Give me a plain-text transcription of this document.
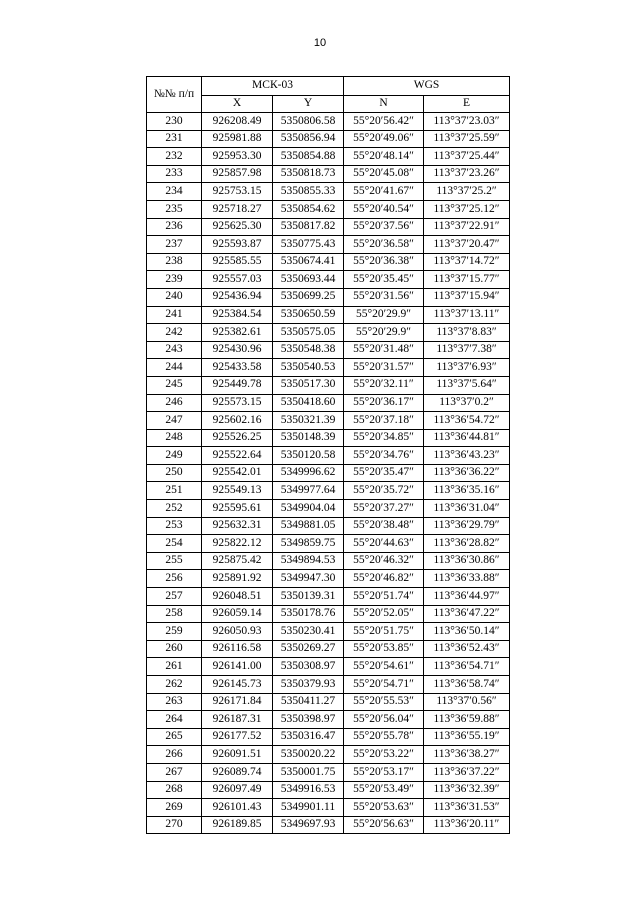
10
№№ п/п	МСК-03		WGS	
	X	Y	N	E
230	926208.49	5350806.58	55°20′56.42″	113°37′23.03″
231	925981.88	5350856.94	55°20′49.06″	113°37′25.59″
232	925953.30	5350854.88	55°20′48.14″	113°37′25.44″
233	925857.98	5350818.73	55°20′45.08″	113°37′23.26″
234	925753.15	5350855.33	55°20′41.67″	113°37′25.2″
235	925718.27	5350854.62	55°20′40.54″	113°37′25.12″
236	925625.30	5350817.82	55°20′37.56″	113°37′22.91″
237	925593.87	5350775.43	55°20′36.58″	113°37′20.47″
238	925585.55	5350674.41	55°20′36.38″	113°37′14.72″
239	925557.03	5350693.44	55°20′35.45″	113°37′15.77″
240	925436.94	5350699.25	55°20′31.56″	113°37′15.94″
241	925384.54	5350650.59	55°20′29.9″	113°37′13.11″
242	925382.61	5350575.05	55°20′29.9″	113°37′8.83″
243	925430.96	5350548.38	55°20′31.48″	113°37′7.38″
244	925433.58	5350540.53	55°20′31.57″	113°37′6.93″
245	925449.78	5350517.30	55°20′32.11″	113°37′5.64″
246	925573.15	5350418.60	55°20′36.17″	113°37′0.2″
247	925602.16	5350321.39	55°20′37.18″	113°36′54.72″
248	925526.25	5350148.39	55°20′34.85″	113°36′44.81″
249	925522.64	5350120.58	55°20′34.76″	113°36′43.23″
250	925542.01	5349996.62	55°20′35.47″	113°36′36.22″
251	925549.13	5349977.64	55°20′35.72″	113°36′35.16″
252	925595.61	5349904.04	55°20′37.27″	113°36′31.04″
253	925632.31	5349881.05	55°20′38.48″	113°36′29.79″
254	925822.12	5349859.75	55°20′44.63″	113°36′28.82″
255	925875.42	5349894.53	55°20′46.32″	113°36′30.86″
256	925891.92	5349947.30	55°20′46.82″	113°36′33.88″
257	926048.51	5350139.31	55°20′51.74″	113°36′44.97″
258	926059.14	5350178.76	55°20′52.05″	113°36′47.22″
259	926050.93	5350230.41	55°20′51.75″	113°36′50.14″
260	926116.58	5350269.27	55°20′53.85″	113°36′52.43″
261	926141.00	5350308.97	55°20′54.61″	113°36′54.71″
262	926145.73	5350379.93	55°20′54.71″	113°36′58.74″
263	926171.84	5350411.27	55°20′55.53″	113°37′0.56″
264	926187.31	5350398.97	55°20′56.04″	113°36′59.88″
265	926177.52	5350316.47	55°20′55.78″	113°36′55.19″
266	926091.51	5350020.22	55°20′53.22″	113°36′38.27″
267	926089.74	5350001.75	55°20′53.17″	113°36′37.22″
268	926097.49	5349916.53	55°20′53.49″	113°36′32.39″
269	926101.43	5349901.11	55°20′53.63″	113°36′31.53″
270	926189.85	5349697.93	55°20′56.63″	113°36′20.11″
